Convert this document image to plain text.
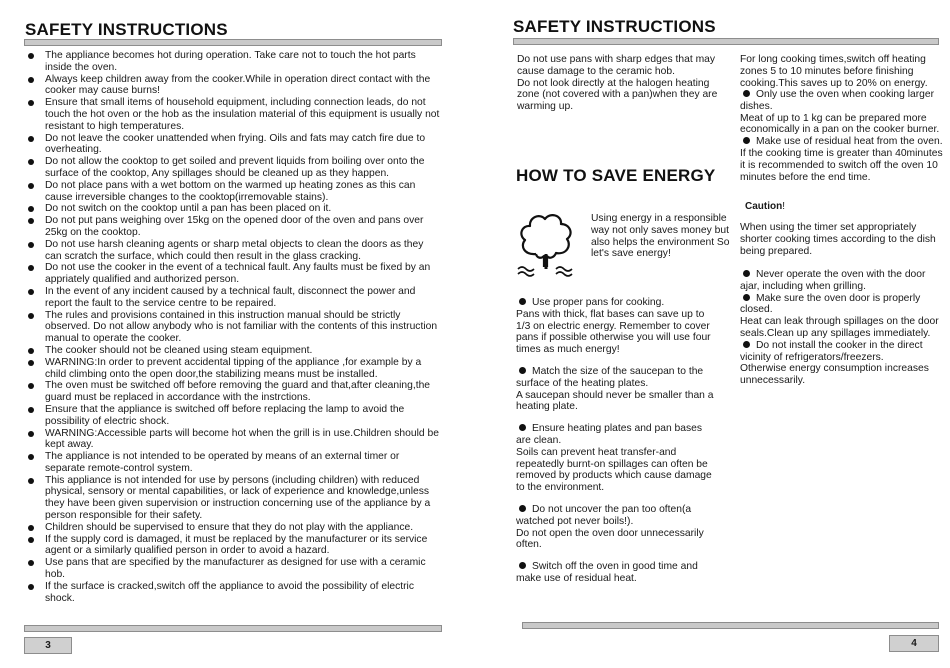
SAFETY INSTRUCTIONS
The appliance becomes hot during operation. Take care not to touch the hot parts inside the oven.
Always keep children away from the cooker.While in operation direct contact with the cooker may cause burns!
Ensure that small items of household equipment, including connection leads, do not touch the hot oven or the hob as the insulation material of this equipment is usually not resistant to high temperatures.
Do not leave the cooker unattended when frying. Oils and fats may catch fire due to overheating.
Do not allow the cooktop to get soiled and prevent liquids from boiling over onto the surface of the cooktop, Any spillages should be cleaned up as they happen.
Do not place pans with a wet bottom on the warmed up heating zones as this can cause irreversible changes to the cooktop(irremovable stains).
Do not switch on the cooktop until a pan has been placed on it.
Do not put pans weighing over 15kg on the opened door of the oven and pans over 25kg on the cooktop.
Do not use harsh cleaning agents or sharp metal objects to clean the doors as they can scratch the surface, which could then result in the glass cracking.
Do not use the cooker in the event of a technical fault. Any faults must be fixed by an appriately qualified and authorized person.
In the event of any incident caused by a technical fault, disconnect the power and report the fault to the service centre to be repaired.
The rules and provisions contained in this instruction manual should be strictly observed. Do not allow anybody who is not familiar with the contents of this instruction manual to operate the cooker.
The cooker should not be cleaned using steam equipment.
WARNING:In order to prevent accidental tipping of the appliance ,for example by a child climbing onto the open door,the stabilizing means must be installed.
The oven must be switched off before removing the guard and that,after cleaning,the guard must be replaced in accordance with the instrctions.
Ensure that the appliance is switched off before replacing the lamp to avoid the possibility of electric shock.
WARNING:Accessible parts will become hot when the grill is in use.Children should be kept away.
The appliance is not intended to be operated by means of an external timer or separate remote-control system.
This appliance is not intended for use by persons (including children) with reduced physical, sensory or mental capabilities, or lack of experience and knowledge,unless they have been given supervision or instruction concerning use of the appliance by a person responsible for their safety.
Children should be supervised to ensure that they do not play with the appliance.
If the supply cord is damaged, it must be replaced by the manufacturer or its service agent or a similarly qualified person in order to avoid a hazard.
Use pans that are specified by the manufacturer as designed for use with a ceramic hob.
If the surface is cracked,switch off the appliance to avoid the possibility of electric shock.
3
SAFETY INSTRUCTIONS

Do not use pans with sharp edges that may cause damage to the ceramic hob.
Do not look directly at the halogen heating zone (not covered with a pan)when they are warming up.

HOW TO SAVE ENERGY

Using energy in a responsible way not only saves money but also helps the environment So let's save energy!

Use proper pans for cooking.
Pans with thick, flat bases can save up to 1/3 on electric energy. Remember to cover pans if possible otherwise you will use four times as much energy!
Match the size of the saucepan to the surface of the heating plates.
A saucepan should never be smaller than a heating plate.
Ensure heating plates and pan bases are clean.
Soils can prevent heat transfer-and repeatedly burnt-on spillages can often be removed by products which cause damage to the environment.
Do not uncover the pan too often(a watched pot never boils!).
Do not open the oven door unnecessarily often.
Switch off the oven in good time and make use of residual heat.

For long cooking times,switch off heating zones 5 to 10 minutes before finishing cooking.This saves up to 20% on energy.

Only use the oven when cooking larger dishes.
Meat of up to 1 kg can be prepared more economically in a pan on the cooker burner.
Make use of residual heat from the oven.
If the cooking time is greater than 40minutes it is recommended to switch off the oven 10 minutes before the end time.
Caution!

When using the timer set appropriately shorter cooking times according to the dish being prepared.

Never operate the oven with the door ajar, including when grilling.
Make sure the oven door is properly closed.
Heat can leak through spillages on the door seals.Clean up any spillages immediately.
Do not install the cooker in the direct vicinity of refrigerators/freezers.
Otherwise energy consumption increases unnecessarily.
4
